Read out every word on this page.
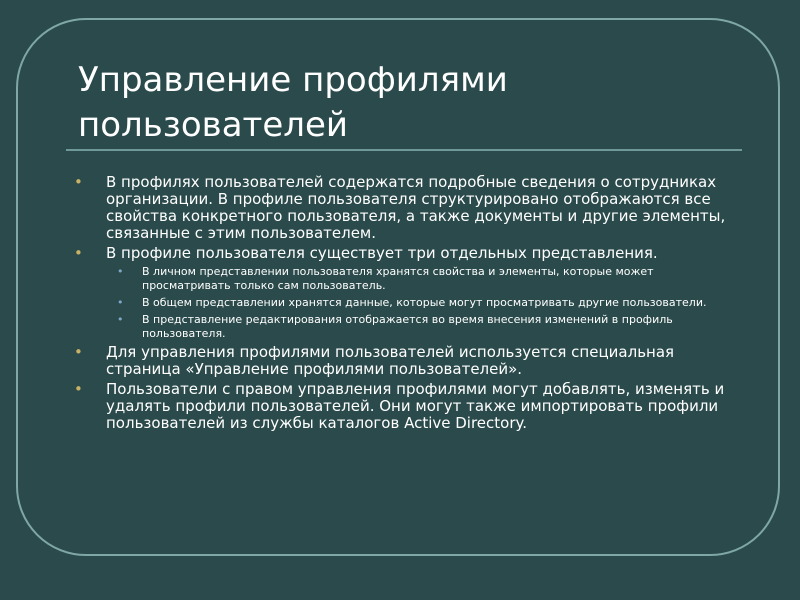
Управление профилями пользователей
• В профилях пользователей содержатся подробные сведения о сотрудниках организации. В профиле пользователя структурировано отображаются все свойства конкретного пользователя, а также документы и другие элементы, связанные с этим пользователем.
• В профиле пользователя существует три отдельных представления.
• В личном представлении пользователя хранятся свойства и элементы, которые может просматривать только сам пользователь.
• В общем представлении хранятся данные, которые могут просматривать другие пользователи.
• В представление редактирования отображается во время внесения изменений в профиль пользователя.
• Для управления профилями пользователей используется специальная страница «Управление профилями пользователей».
• Пользователи с правом управления профилями могут добавлять, изменять и удалять профили пользователей. Они могут также импортировать профили пользователей из службы каталогов Active Directory.
